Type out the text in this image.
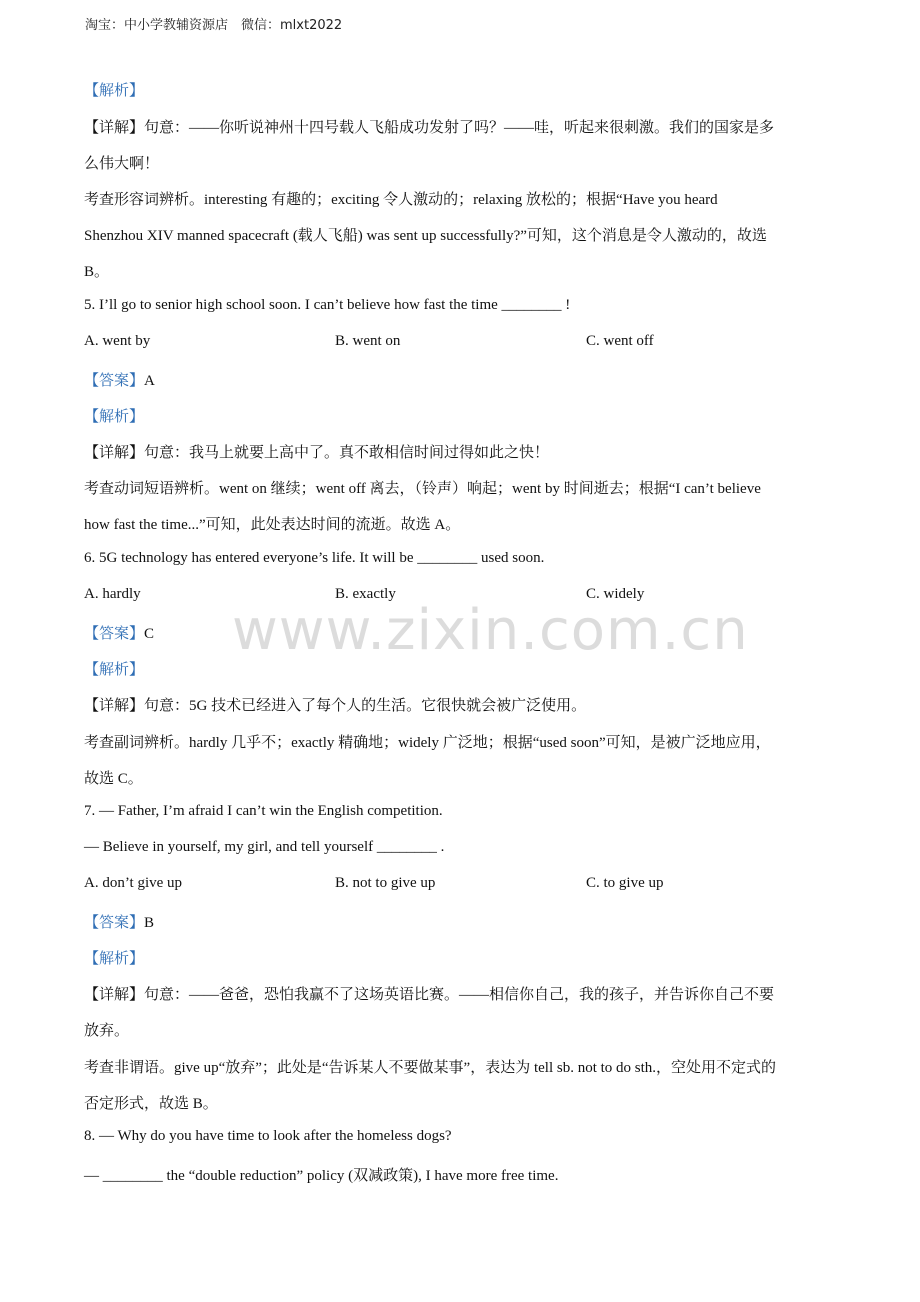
淘宝：中小学教辅资源店　微信：mlxt2022
【解析】
【详解】句意：——你听说神州十四号载人飞船成功发射了吗？——哇，听起来很刺激。我们的国家是多
么伟大啊！
考查形容词辨析。interesting 有趣的；exciting 令人激动的；relaxing 放松的；根据“Have you heard
Shenzhou XIV manned spacecraft (载人飞船) was sent up successfully?”可知，这个消息是令人激动的，故选
B。
5. I’ll go to senior high school soon. I can’t believe how fast the time ________ !
A. went by	B. went on	C. went off
【答案】A
【解析】
【详解】句意：我马上就要上高中了。真不敢相信时间过得如此之快！
考查动词短语辨析。went on 继续；went off 离去，（铃声）响起；went by 时间逝去；根据“I can’t believe
how fast the time...”可知，此处表达时间的流逝。故选 A。
6. 5G technology has entered everyone’s life. It will be ________ used soon.
A. hardly	B. exactly	C. widely
【答案】C
【解析】
【详解】句意：5G 技术已经进入了每个人的生活。它很快就会被广泛使用。
考查副词辨析。hardly 几乎不；exactly 精确地；widely 广泛地；根据“used soon”可知，是被广泛地应用，
故选 C。
7. — Father, I’m afraid I can’t win the English competition.
— Believe in yourself, my girl, and tell yourself ________ .
A. don’t give up	B. not to give up	C. to give up
【答案】B
【解析】
【详解】句意：——爸爸，恐怕我赢不了这场英语比赛。——相信你自己，我的孩子，并告诉你自己不要
放弃。
考查非谓语。give up“放弃”；此处是“告诉某人不要做某事”，表达为 tell sb. not to do sth.，空处用不定式的
否定形式，故选 B。
8. — Why do you have time to look after the homeless dogs?
— ________ the “double reduction” policy (双减政策), I have more free time.
www.zixin.com.cn
